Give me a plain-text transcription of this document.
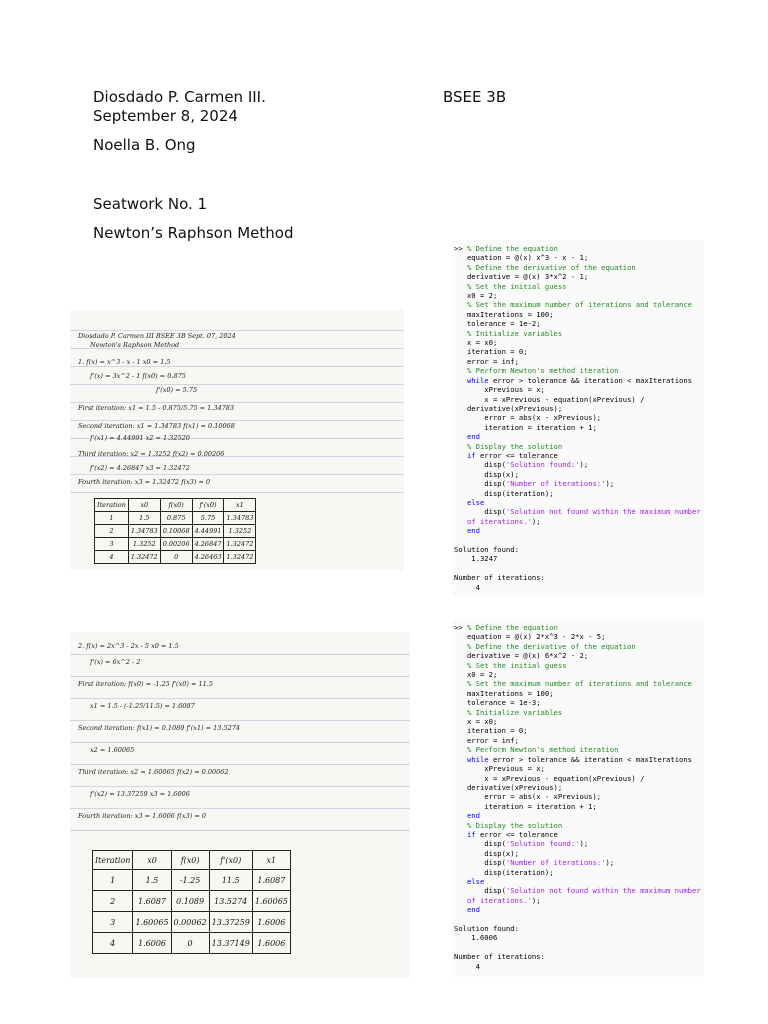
Diosdado P. Carmen III.	BSEE 3B
September 8, 2024
Noella B. Ong
Seatwork No. 1
Newton’s Raphson Method
Diosdado P. Carmen III BSEE 3B Sept. 07, 2024
Newton's Raphson Method
1. f(x) = x^3 - x - 1 x0 = 1.5
f'(x) = 3x^2 - 1 f(x0) = 0.875
f'(x0) = 5.75
First iteration: x1 = 1.5 - 0.875/5.75 = 1.34783
Second iteration: x1 = 1.34783 f(x1) = 0.10068
f'(x1) = 4.44991 x2 = 1.32520
Third iteration: x2 = 1.3252 f(x2) = 0.00206
f'(x2) = 4.26847 x3 = 1.32472
Fourth iteration: x3 = 1.32472 f(x3) = 0
Iteration	x0	f(x0)	f'(x0)	x1
1	1.5	0.875	5.75	1.34783
2	1.34783	0.10068	4.44991	1.3252
3	1.3252	0.00206	4.26847	1.32472
4	1.32472	0	4.26463	1.32472
>> % Define the equation
equation = @(x) x^3 - x - 1;
% Define the derivative of the equation
derivative = @(x) 3*x^2 - 1;
% Set the initial guess
x0 = 2;
% Set the maximum number of iterations and tolerance
maxIterations = 100;
tolerance = 1e-2;
% Initialize variables
x = x0;
iteration = 0;
error = inf;
% Perform Newton's method iteration
while error > tolerance && iteration < maxIterations
xPrevious = x;
x = xPrevious - equation(xPrevious) /
derivative(xPrevious);
error = abs(x - xPrevious);
iteration = iteration + 1;
end
% Display the solution
if error <= tolerance
disp('Solution found:');
disp(x);
disp('Number of iterations:');
disp(iteration);
else
disp('Solution not found within the maximum number
of iterations.');
end

Solution found:
1.3247

Number of iterations:
4
2. f(x) = 2x^3 - 2x - 5 x0 = 1.5
f'(x) = 6x^2 - 2
First iteration: f(x0) = -1.25 f'(x0) = 11.5
x1 = 1.5 - (-1.25/11.5) = 1.6087
Second iteration: f(x1) = 0.1089 f'(x1) = 13.5274
x2 = 1.60065
Third iteration: x2 = 1.60065 f(x2) = 0.00062
f'(x2) = 13.37259 x3 = 1.6006
Fourth iteration: x3 = 1.6006 f(x3) = 0
Iteration	x0	f(x0)	f'(x0)	x1
1	1.5	-1.25	11.5	1.6087
2	1.6087	0.1089	13.5274	1.60065
3	1.60065	0.00062	13.37259	1.6006
4	1.6006	0	13.37149	1.6006
>> % Define the equation
equation = @(x) 2*x^3 - 2*x - 5;
% Define the derivative of the equation
derivative = @(x) 6*x^2 - 2;
% Set the initial guess
x0 = 2;
% Set the maximum number of iterations and tolerance
maxIterations = 100;
tolerance = 1e-3;
% Initialize variables
x = x0;
iteration = 0;
error = inf;
% Perform Newton's method iteration
while error > tolerance && iteration < maxIterations
xPrevious = x;
x = xPrevious - equation(xPrevious) /
derivative(xPrevious);
error = abs(x - xPrevious);
iteration = iteration + 1;
end
% Display the solution
if error <= tolerance
disp('Solution found:');
disp(x);
disp('Number of iterations:');
disp(iteration);
else
disp('Solution not found within the maximum number
of iterations.');
end

Solution found:
1.6006

Number of iterations:
4
